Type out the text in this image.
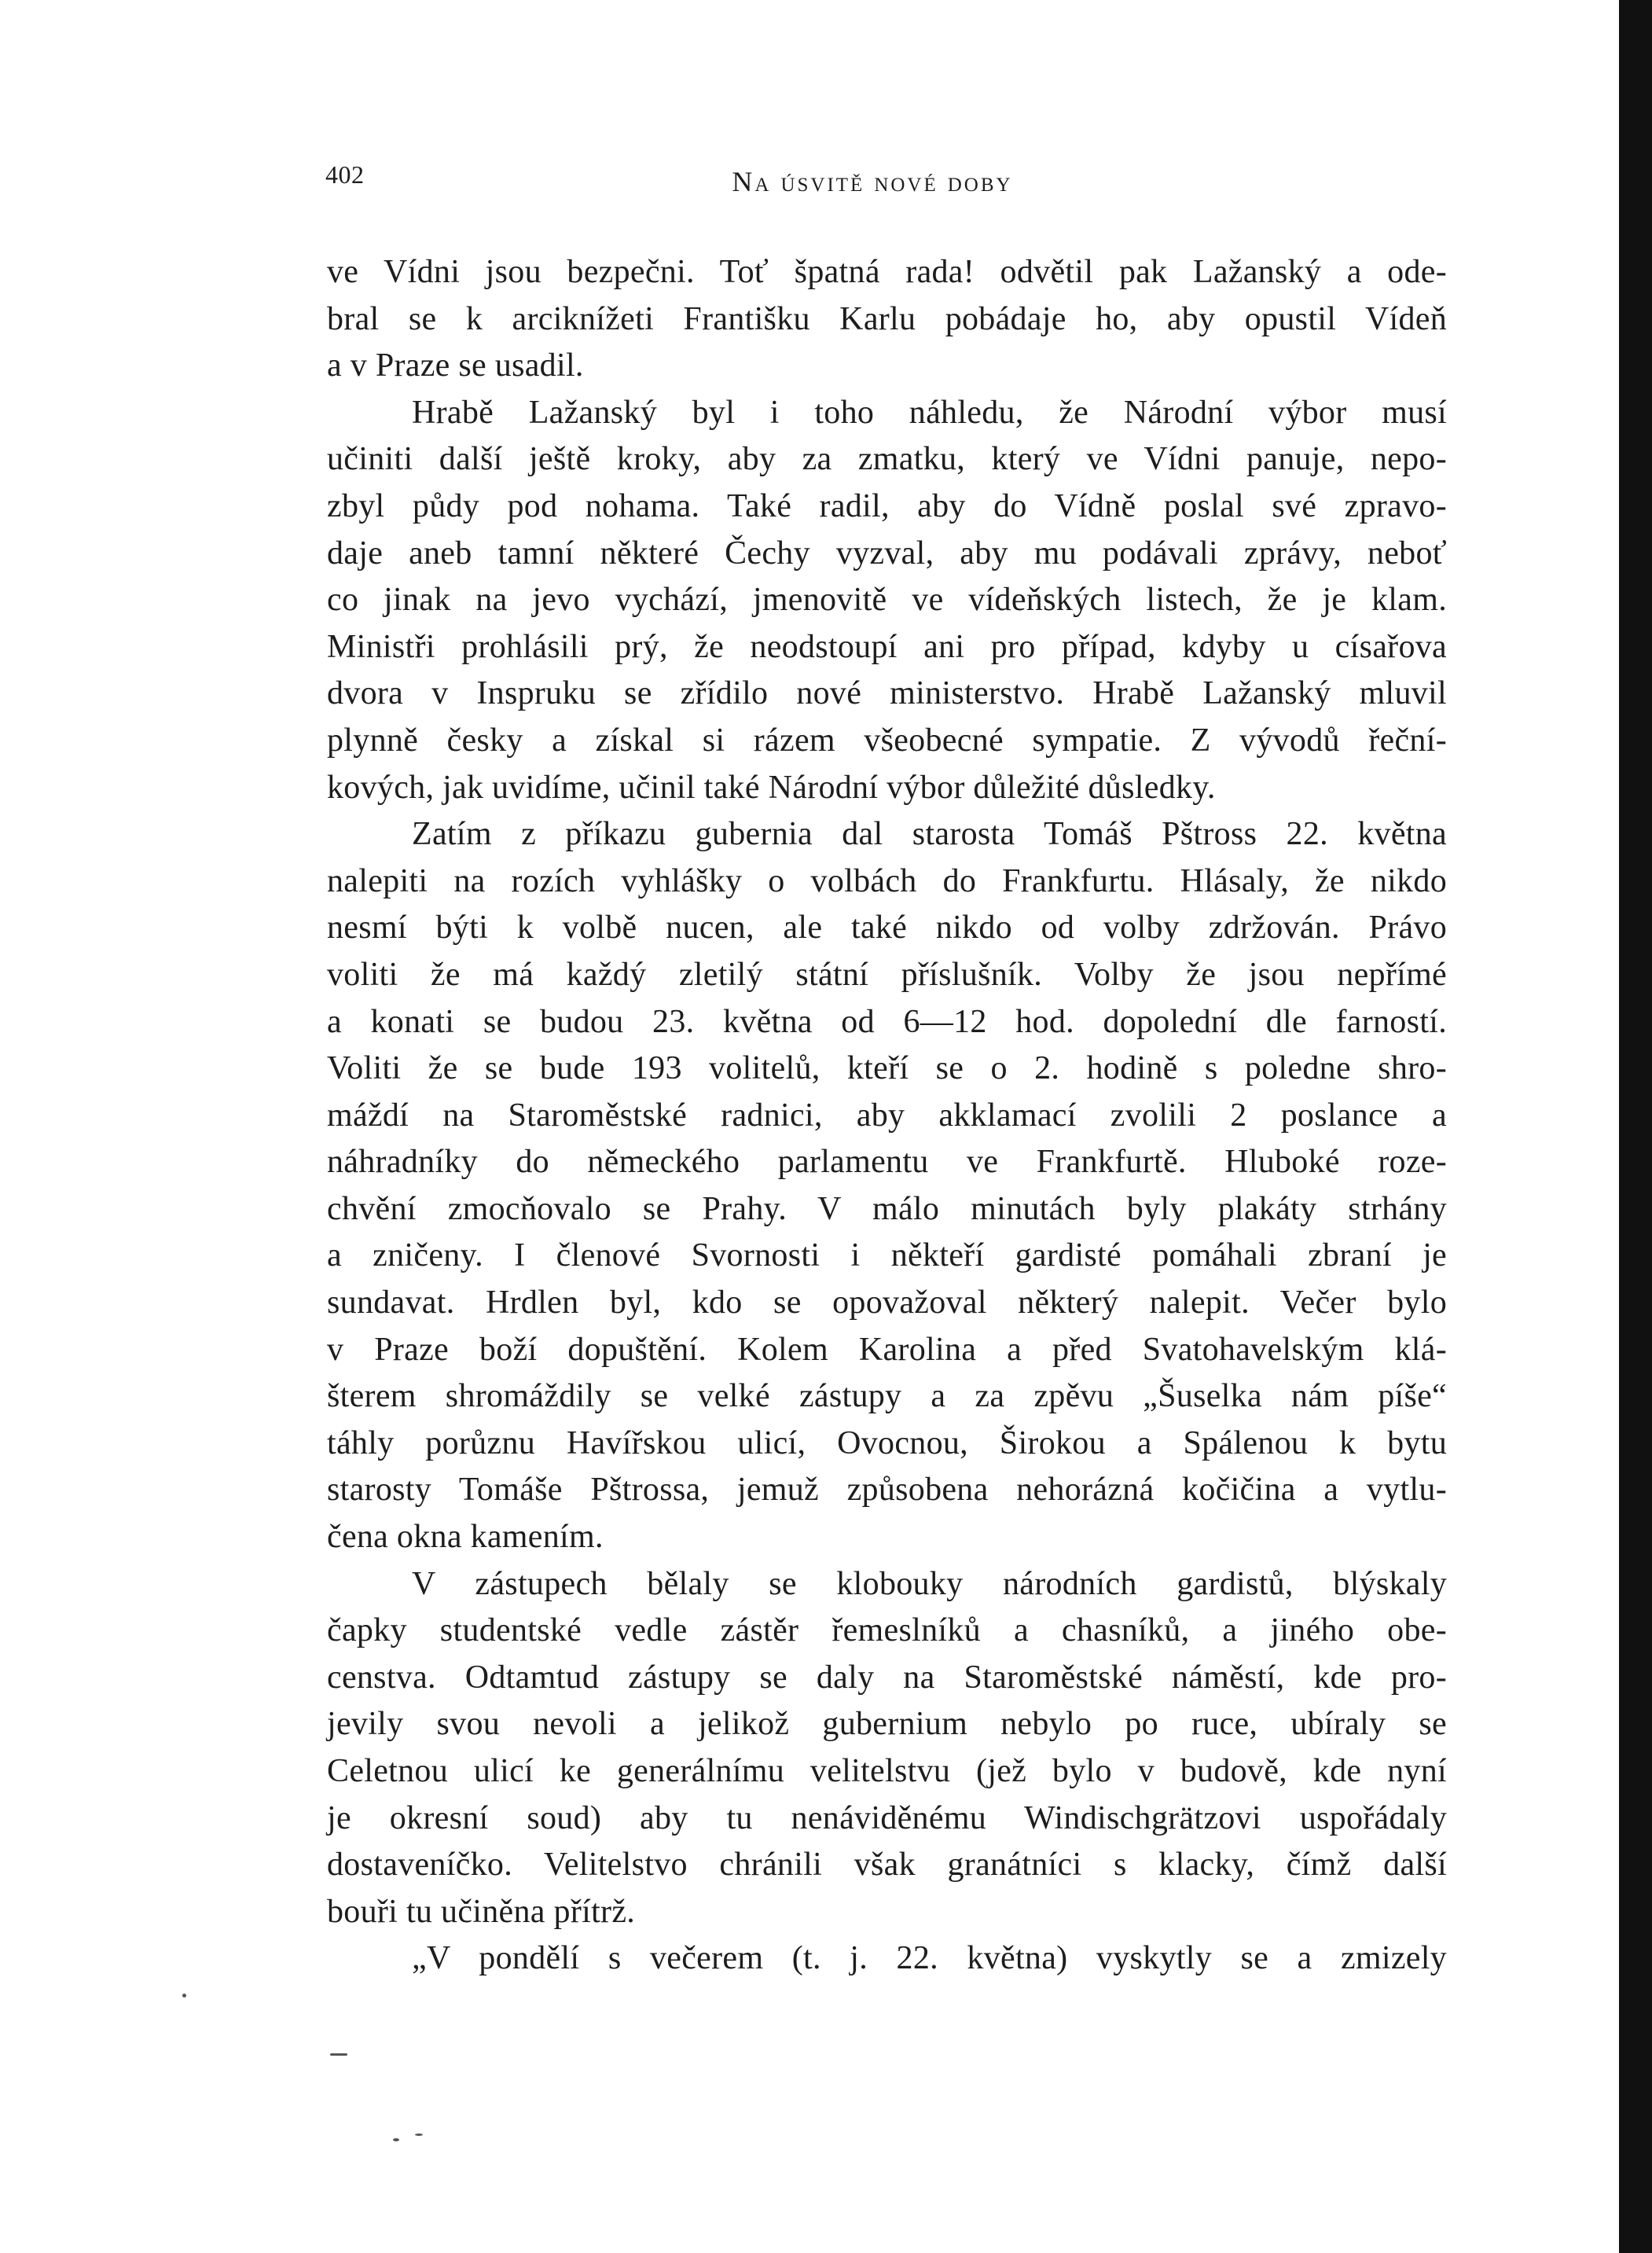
402	Na úsvitě nové doby
ve Vídni jsou bezpečni. Toť špatná rada! odvětil pak Lažanský a ode-
bral se k arciknížeti Františku Karlu pobádaje ho, aby opustil Vídeň
a v Praze se usadil.
Hrabě Lažanský byl i toho náhledu, že Národní výbor musí
učiniti další ještě kroky, aby za zmatku, který ve Vídni panuje, nepo-
zbyl půdy pod nohama. Také radil, aby do Vídně poslal své zpravo-
daje aneb tamní některé Čechy vyzval, aby mu podávali zprávy, neboť
co jinak na jevo vychází, jmenovitě ve vídeňských listech, že je klam.
Ministři prohlásili prý, že neodstoupí ani pro případ, kdyby u císařova
dvora v Inspruku se zřídilo nové ministerstvo. Hrabě Lažanský mluvil
plynně česky a získal si rázem všeobecné sympatie. Z vývodů řeční-
kových, jak uvidíme, učinil také Národní výbor důležité důsledky.
Zatím z příkazu gubernia dal starosta Tomáš Pštross 22. května
nalepiti na rozích vyhlášky o volbách do Frankfurtu. Hlásaly, že nikdo
nesmí býti k volbě nucen, ale také nikdo od volby zdržován. Právo
voliti že má každý zletilý státní příslušník. Volby že jsou nepřímé
a konati se budou 23. května od 6—12 hod. dopolední dle farností.
Voliti že se bude 193 volitelů, kteří se o 2. hodině s poledne shro-
máždí na Staroměstské radnici, aby akklamací zvolili 2 poslance a
náhradníky do německého parlamentu ve Frankfurtě. Hluboké roze-
chvění zmocňovalo se Prahy. V málo minutách byly plakáty strhány
a zničeny. I členové Svornosti i někteří gardisté pomáhali zbraní je
sundavat. Hrdlen byl, kdo se opovažoval některý nalepit. Večer bylo
v Praze boží dopuštění. Kolem Karolina a před Svatohavelským klá-
šterem shromáždily se velké zástupy a za zpěvu „Šuselka nám píše“
táhly porůznu Havířskou ulicí, Ovocnou, Širokou a Spálenou k bytu
starosty Tomáše Pštrossa, jemuž způsobena nehorázná kočičina a vytlu-
čena okna kamením.
V zástupech bělaly se klobouky národních gardistů, blýskaly
čapky studentské vedle zástěr řemeslníků a chasníků, a jiného obe-
censtva. Odtamtud zástupy se daly na Staroměstské náměstí, kde pro-
jevily svou nevoli a jelikož gubernium nebylo po ruce, ubíraly se
Celetnou ulicí ke generálnímu velitelstvu (jež bylo v budově, kde nyní
je okresní soud) aby tu nenáviděnému Windischgrätzovi uspořádaly
dostaveníčko. Velitelstvo chránili však granátníci s klacky, čímž další
bouři tu učiněna přítrž.
„V pondělí s večerem (t. j. 22. května) vyskytly se a zmizely
